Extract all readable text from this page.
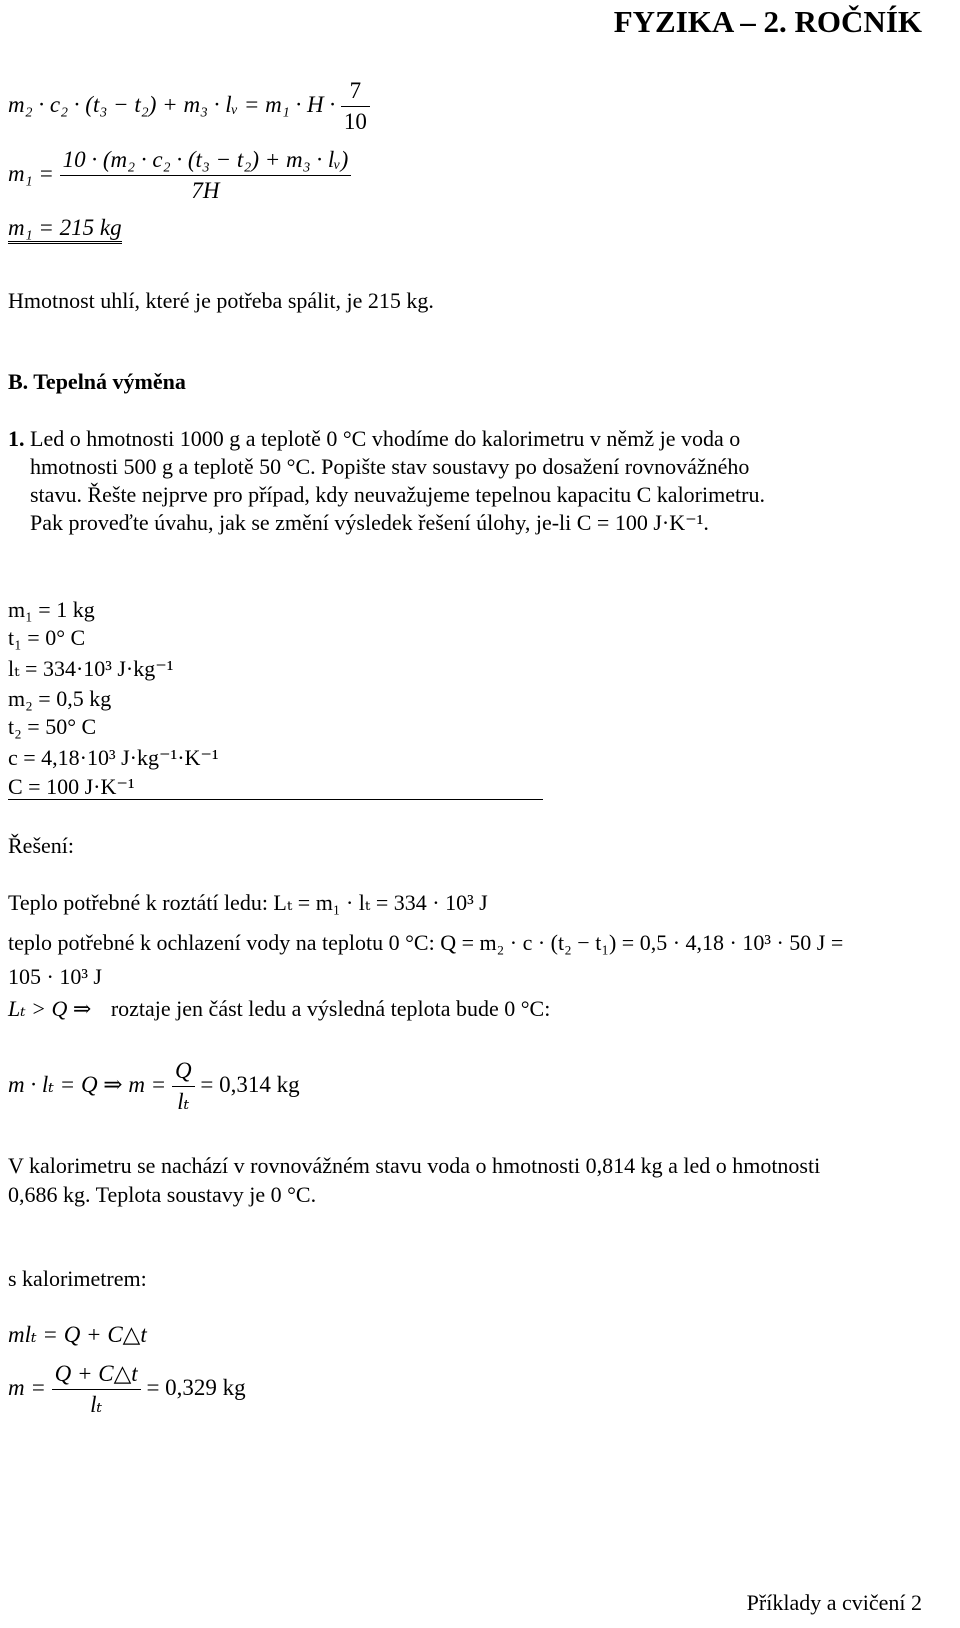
FYZIKA – 2. ROČNÍK
m₂ · c₂ · (t₃ − t₂) + m₃ · lᵥ = $m_1 \cdot H \cdot \frac{7}{10}$
$m_1 = \frac{\text{10 · (m₂ · c₂ · (t₃ − t₂) + m₃ · lᵥ)}}{7H}$
m₁ = 215 kg
Hmotnost uhlí, které je potřeba spálit, je 215 kg.
B. Tepelná výměna
1. Led o hmotnosti 1000 g a teplotě 0 °C vhodíme do kalorimetru v němž je voda o
hmotnosti 500 g a teplotě 50 °C. Popište stav soustavy po dosažení rovnovážného
stavu. Řešte nejprve pro případ, kdy neuvažujeme tepelnou kapacitu C kalorimetru.
Pak proveďte úvahu, jak se změní výsledek řešení úlohy, je-li C = 100 J·K⁻¹.
m₁ = 1 kg
t₁ = 0° C
lₜ = 334·10³ J·kg⁻¹
m₂ = 0,5 kg
t₂ = 50° C
c = 4,18·10³ J·kg⁻¹·K⁻¹
C = 100 J·K⁻¹
Řešení:
Teplo potřebné k roztátí ledu: Lₜ = m₁ · lₜ = 334 · 10³ J
teplo potřebné k ochlazení vody na teplotu 0 °C: Q = m₂ · c · (t₂ − t₁) = 0,5 · 4,18 · 10³ · 50 J =
105 · 10³ J
Lₜ > Q ⇒ roztaje jen část ledu a výsledná teplota bude 0 °C:
m · lₜ = Q ⇒ $m = \frac{Q}{\text{lₜ}} = 0,314$ kg
V kalorimetru se nachází v rovnovážném stavu voda o hmotnosti 0,814 kg a led o hmotnosti
0,686 kg. Teplota soustavy je 0 °C.
s kalorimetrem:
mlₜ = Q + C△t
$m = \frac{Q + C\triangle t}{\text{lₜ}} = 0,329$ kg
Příklady a cvičení 2
